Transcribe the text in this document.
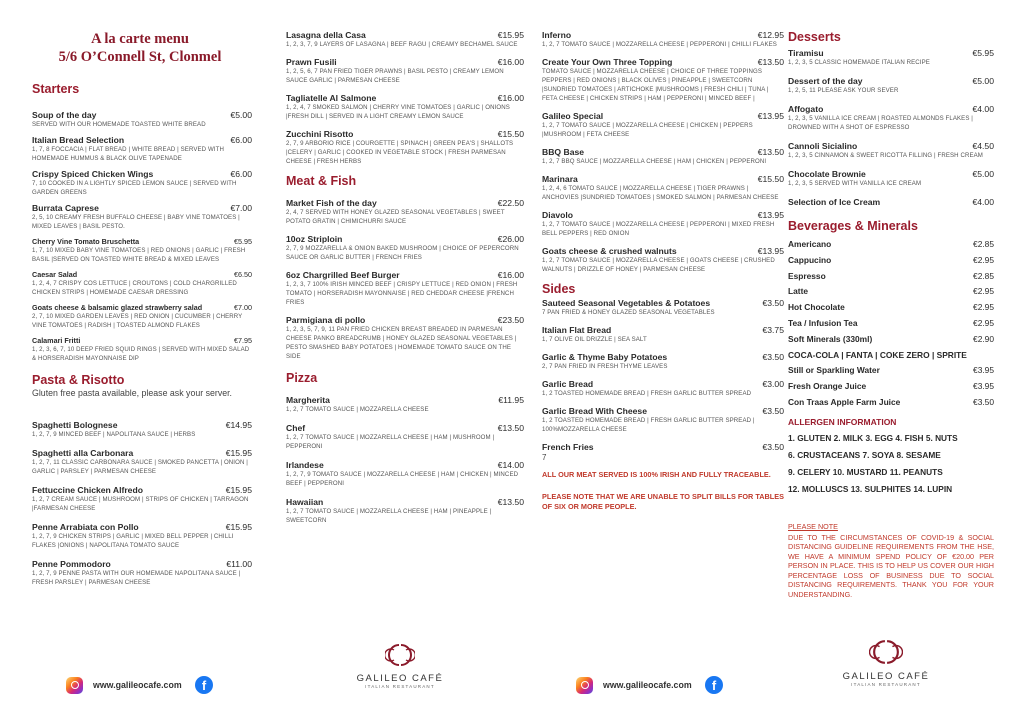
A la carte menu
5/6 O’Connell St, Clonmel
Starters
Soup of the day	€5.00
SERVED WITH OUR HOMEMADE TOASTED WHITE BREAD
Italian Bread Selection	€6.00
1, 7, 8 FOCCACIA | FLAT BREAD | WHITE BREAD | SERVED WITH HOMEMADE HUMMUS & BLACK OLIVE TAPENADE
Crispy Spiced Chicken Wings	€6.00
7, 10 COOKED IN A LIGHTLY SPICED LEMON SAUCE | SERVED WITH GARDEN GREENS
Burrata Caprese	€7.00
2, 5, 10 CREAMY FRESH BUFFALO CHEESE | BABY VINE TOMATOES | MIXED LEAVES | BASIL PESTO.
Cherry Vine Tomato Bruschetta	€5.95
1, 7, 10 MIXED BABY VINE TOMATOES | RED ONIONS | GARLIC | FRESH BASIL |SERVED ON TOASTED WHITE BREAD & MIXED LEAVES
Caesar Salad	€6.50
1, 2, 4, 7 CRISPY COS LETTUCE | CROUTONS | COLD CHARGRILLED CHICKEN STRIPS | HOMEMADE CAESAR DRESSING
Goats cheese & balsamic glazed strawberry salad	€7.00
2, 7, 10 MIXED GARDEN LEAVES | RED ONION | CUCUMBER | CHERRY VINE TOMATOES | RADISH | TOASTED ALMOND FLAKES
Calamari Fritti	€7.95
1, 2, 3, 6, 7, 10 DEEP FRIED SQUID RINGS | SERVED WITH MIXED SALAD & HORSERADISH MAYONNAISE DIP
Pasta & Risotto
Gluten free pasta available, please ask your server.
Spaghetti Bolognese	€14.95
1, 2, 7, 9 MINCED BEEF | NAPOLITANA SAUCE | HERBS
Spaghetti alla Carbonara	€15.95
1, 2, 7, 11 CLASSIC CARBONARA SAUCE | SMOKED PANCETTA | ONION | GARLIC | PARSLEY | PARMESAN CHEESE
Fettuccine Chicken Alfredo	€15.95
1, 2, 7 CREAM SAUCE | MUSHROOM | STRIPS OF CHICKEN | TARRAGON |FARMESAN CHEESE
Penne Arrabiata con Pollo	€15.95
1, 2, 7, 9 CHICKEN STRIPS | GARLIC | MIXED BELL PEPPER | CHILLI FLAKES |ONIONS | NAPOLITANA TOMATO SAUCE
Penne Pommodoro	€11.00
1, 2, 7, 9 PENNE PASTA WITH OUR HOMEMADE NAPOLITANA SAUCE | FRESH PARSLEY | PARMESAN CHEESE
Lasagna della Casa	€15.95
1, 2, 3, 7, 9 LAYERS OF LASAGNA | BEEF RAGU | CREAMY BECHAMEL SAUCE
Prawn Fusili	€16.00
1, 2, 5, 6, 7 PAN FRIED TIGER PRAWNS | BASIL PESTO | CREAMY LEMON SAUCE GARLIC | PARMESAN CHEESE
Tagliatelle Al Salmone	€16.00
1, 2, 4, 7 SMOKED SALMON | CHERRY VINE TOMATOES | GARLIC | ONIONS |FRESH DILL | SERVED IN A LIGHT CREAMY LEMON SAUCE
Zucchini Risotto	€15.50
2, 7, 9 ARBORIO RICE | COURGETTE | SPINACH | GREEN PEA'S | SHALLOTS |CELERY | GARLIC | COOKED IN VEGETABLE STOCK | FRESH PARMESAN CHEESE | FRESH HERBS
Meat & Fish
Market Fish of the day	€22.50
2, 4, 7 SERVED WITH HONEY GLAZED SEASONAL VEGETABLES | SWEET POTATO GRATIN | CHIMICHURRI SAUCE
10oz Striploin	€26.00
2, 7, 9 MOZZARELLA & ONION BAKED MUSHROOM | CHOICE OF PEPERCORN SAUCE OR GARLIC BUTTER | FRENCH FRIES
6oz Chargrilled Beef Burger	€16.00
1, 2, 3, 7 100% IRISH MINCED BEEF | CRISPY LETTUCE | RED ONION | FRESH TOMATO | HORSERADISH MAYONNAISE | RED CHEDDAR CHEESE |FRENCH FRIES
Parmigiana di pollo	€23.50
1, 2, 3, 5, 7, 9, 11 PAN FRIED CHICKEN BREAST BREADED IN PARMESAN CHEESE PANKO BREADCRUMB | HONEY GLAZED SEASONAL VEGETABLES | PESTO SMASHED BABY POTATOES | HOMEMADE TOMATO SAUCE ON THE SIDE
Pizza
Margherita	€11.95
1, 2, 7 TOMATO SAUCE | MOZZARELLA CHEESE
Chef	€13.50
1, 2, 7 TOMATO SAUCE | MOZZARELLA CHEESE | HAM | MUSHROOM | PEPPERONI
Irlandese	€14.00
1, 2, 7, 9 TOMATO SAUCE | MOZZARELLA CHEESE | HAM | CHICKEN | MINCED BEEF | PEPPERONI
Hawaiian	€13.50
1, 2, 7 TOMATO SAUCE | MOZZARELLA CHEESE | HAM | PINEAPPLE | SWEETCORN
Inferno	€12.95
1, 2, 7 TOMATO SAUCE | MOZZARELLA CHEESE | PEPPERONI | CHILLI FLAKES
Create Your Own Three Topping	€13.50
TOMATO SAUCE | MOZZARELLA CHEESE | CHOICE OF THREE TOPPINGS PEPPERS | RED ONIONS | BLACK OLIVES | PINEAPPLE | SWEETCORN |SUNDRIED TOMATOES | ARTICHOKE |MUSHROOMS | FRESH CHILI | TUNA | FETA CHEESE | CHICKEN STRIPS | HAM | PEPPERONI | MINCED BEEF |
Galileo Special	€13.95
1, 2, 7 TOMATO SAUCE | MOZZARELLA CHEESE | CHICKEN | PEPPERS |MUSHROOM | FETA CHEESE
BBQ Base	€13.50
1, 2, 7 BBQ SAUCE | MOZZARELLA CHEESE | HAM | CHICKEN | PEPPERONI
Marinara	€15.50
1, 2, 4, 6 TOMATO SAUCE | MOZZARELLA CHEESE | TIGER PRAWNS | ANCHOVIES |SUNDRIED TOMATOES | SMOKED SALMON | PARMESAN CHEESE
Diavolo	€13.95
1, 2, 7 TOMATO SAUCE | MOZZARELLA CHEESE | PEPPERONI | MIXED FRESH BELL PEPPERS | RED ONION
Goats cheese & crushed walnuts	€13.95
1, 2, 7 TOMATO SAUCE | MOZZARELLA CHEESE | GOATS CHEESE | CRUSHED WALNUTS | DRIZZLE OF HONEY | PARMESAN CHEESE
Sides
Sauteed Seasonal Vegetables & Potatoes	€3.50
7 PAN FRIED & HONEY GLAZED SEASONAL VEGETABLES
Italian Flat Bread	€3.75
1, 7 OLIVE OIL DRIZZLE | SEA SALT
Garlic & Thyme Baby Potatoes	€3.50
2, 7 PAN FRIED IN FRESH THYME LEAVES
Garlic Bread	€3.00
1, 2 TOASTED HOMEMADE BREAD | FRESH GARLIC BUTTER SPREAD
Garlic Bread With Cheese	€3.50
1, 2 TOASTED HOMEMADE BREAD | FRESH GARLIC BUTTER SPREAD | 100%MOZZARELLA CHEESE
French Fries	€3.50
7
ALL OUR MEAT SERVED IS 100% IRISH AND FULLY TRACEABLE.
PLEASE NOTE THAT WE ARE UNABLE TO SPLIT BILLS FOR TABLES OF SIX OR MORE PEOPLE.
Desserts
Tiramisu	€5.95
1, 2, 3, 5 CLASSIC HOMEMADE ITALIAN RECIPE
Dessert of the day	€5.00
1, 2, 5, 11 PLEASE ASK YOUR SEVER
Affogato	€4.00
1, 2, 3, 5 VANILLA ICE CREAM | ROASTED ALMONDS FLAKES | DROWNED WITH A SHOT OF ESPRESSO
Cannoli Sicialino	€4.50
1, 2, 3, 5 CINNAMON & SWEET RICOTTA FILLING | FRESH CREAM
Chocolate Brownie	€5.00
1, 2, 3, 5 SERVED WITH VANILLA ICE CREAM
Selection of Ice Cream	€4.00
Beverages & Minerals
Americano	€2.85
Cappucino	€2.95
Espresso	€2.85
Latte	€2.95
Hot Chocolate	€2.95
Tea / Infusion Tea	€2.95
Soft Minerals (330ml)	€2.90
COCA-COLA | FANTA | COKE ZERO | SPRITE
Still or Sparkling Water	€3.95
Fresh Orange Juice	€3.95
Con Traas Apple Farm Juice	€3.50
ALLERGEN INFORMATION
1. GLUTEN 2. MILK 3. EGG 4. FISH 5. NUTS
6. CRUSTACEANS 7. SOYA 8. SESAME
9. CELERY 10. MUSTARD 11. PEANUTS
12. MOLLUSCS 13. SULPHITES 14. LUPIN
PLEASE NOTE
DUE TO THE CIRCUMSTANCES OF COVID-19 & SOCIAL DISTANCING GUIDELINE REQUIREMENTS FROM THE HSE, WE HAVE A MINIMUM SPEND POLICY OF €20.00 PER PERSON IN PLACE. THIS IS TO HELP US COVER OUR HIGH PERCENTAGE LOSS OF BUSINESS DUE TO SOCIAL DISTANCING REQUIREMENTS. THANK YOU FOR YOUR UNDERSTANDING.
www.galileocafe.com	f	www.galileocafe.com	f
GALILEO CAFÉ
ITALIAN RESTAURANT
GALILEO CAFÉ
ITALIAN RESTAURANT
